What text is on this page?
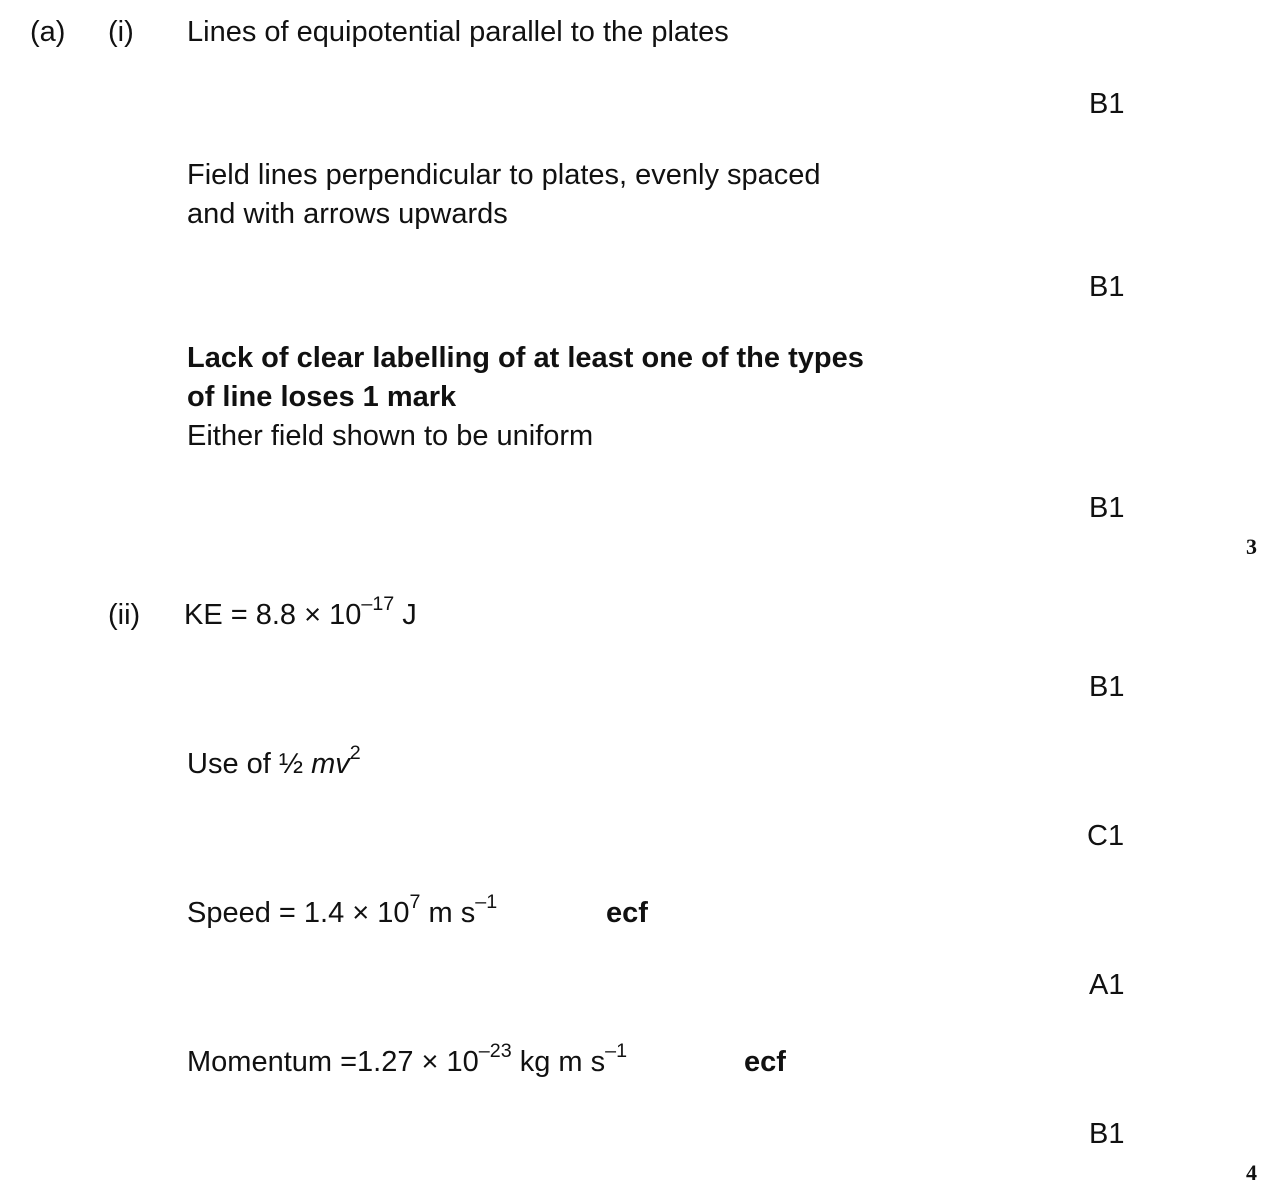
(a) (i) Lines of equipotential parallel to the plates
B1
Field lines perpendicular to plates, evenly spaced
and with arrows upwards
B1
Lack of clear labelling of at least one of the types
of line loses 1 mark
Either field shown to be uniform
B1
3
(ii) KE = $8.8 \times 10^{-17}$ J
B1
Use of ½ $mv^2$
C1
Speed = $1.4 \times 10^7$ m $s^{-1}$	ecf
A1
Momentum $=1.27 \times 10^{-23}$ kg m $s^{-1}$	ecf
B1
4
